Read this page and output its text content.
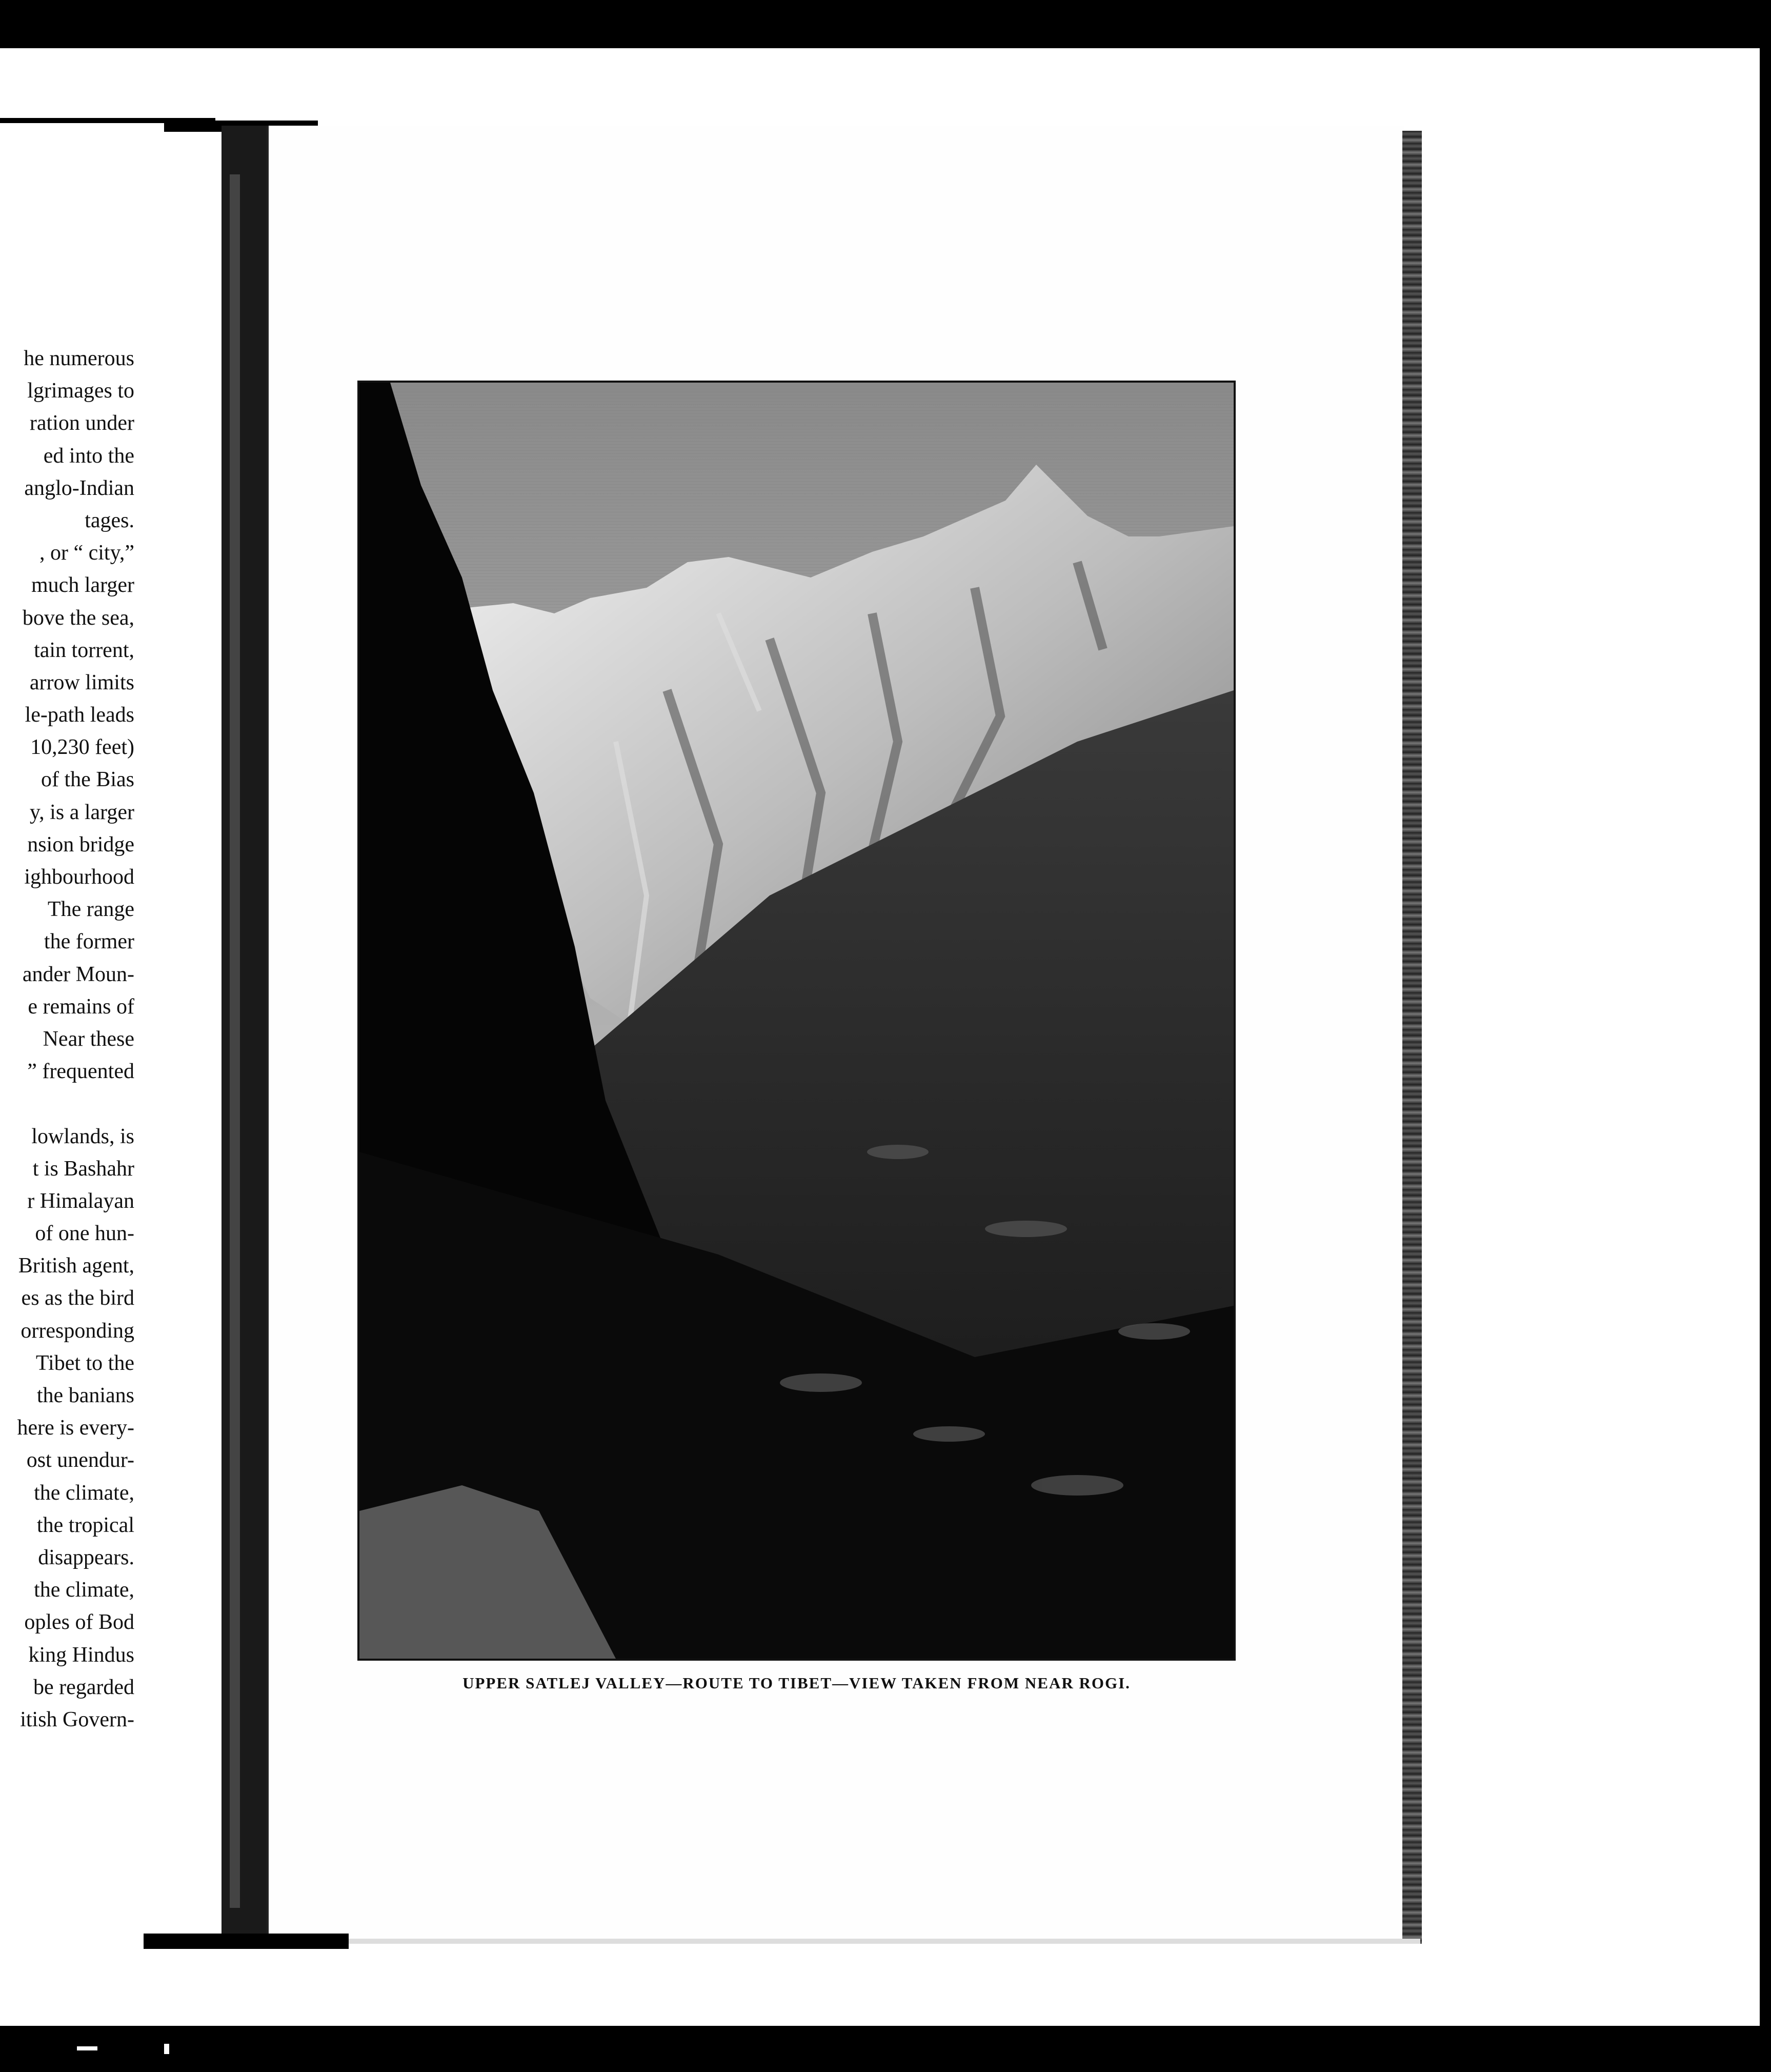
he numerous
lgrimages to
ration under
ed into the
anglo-Indian
tages.
, or “ city,”
much larger
bove the sea,
tain torrent,
arrow limits
le-path leads
10,230 feet)
of the Bias
y, is a larger
nsion bridge
ighbourhood
The range
the former
ander Moun-
e remains of
Near these
” frequented
lowlands, is
t is Bashahr
r Himalayan
of one hun-
British agent,
es as the bird
orresponding
Tibet to the
the banians
here is every-
ost unendur-
the climate,
the tropical
disappears.
the climate,
oples of Bod
king Hindus
be regarded
itish Govern-
UPPER SATLEJ VALLEY—ROUTE TO TIBET—VIEW TAKEN FROM NEAR ROGI.
